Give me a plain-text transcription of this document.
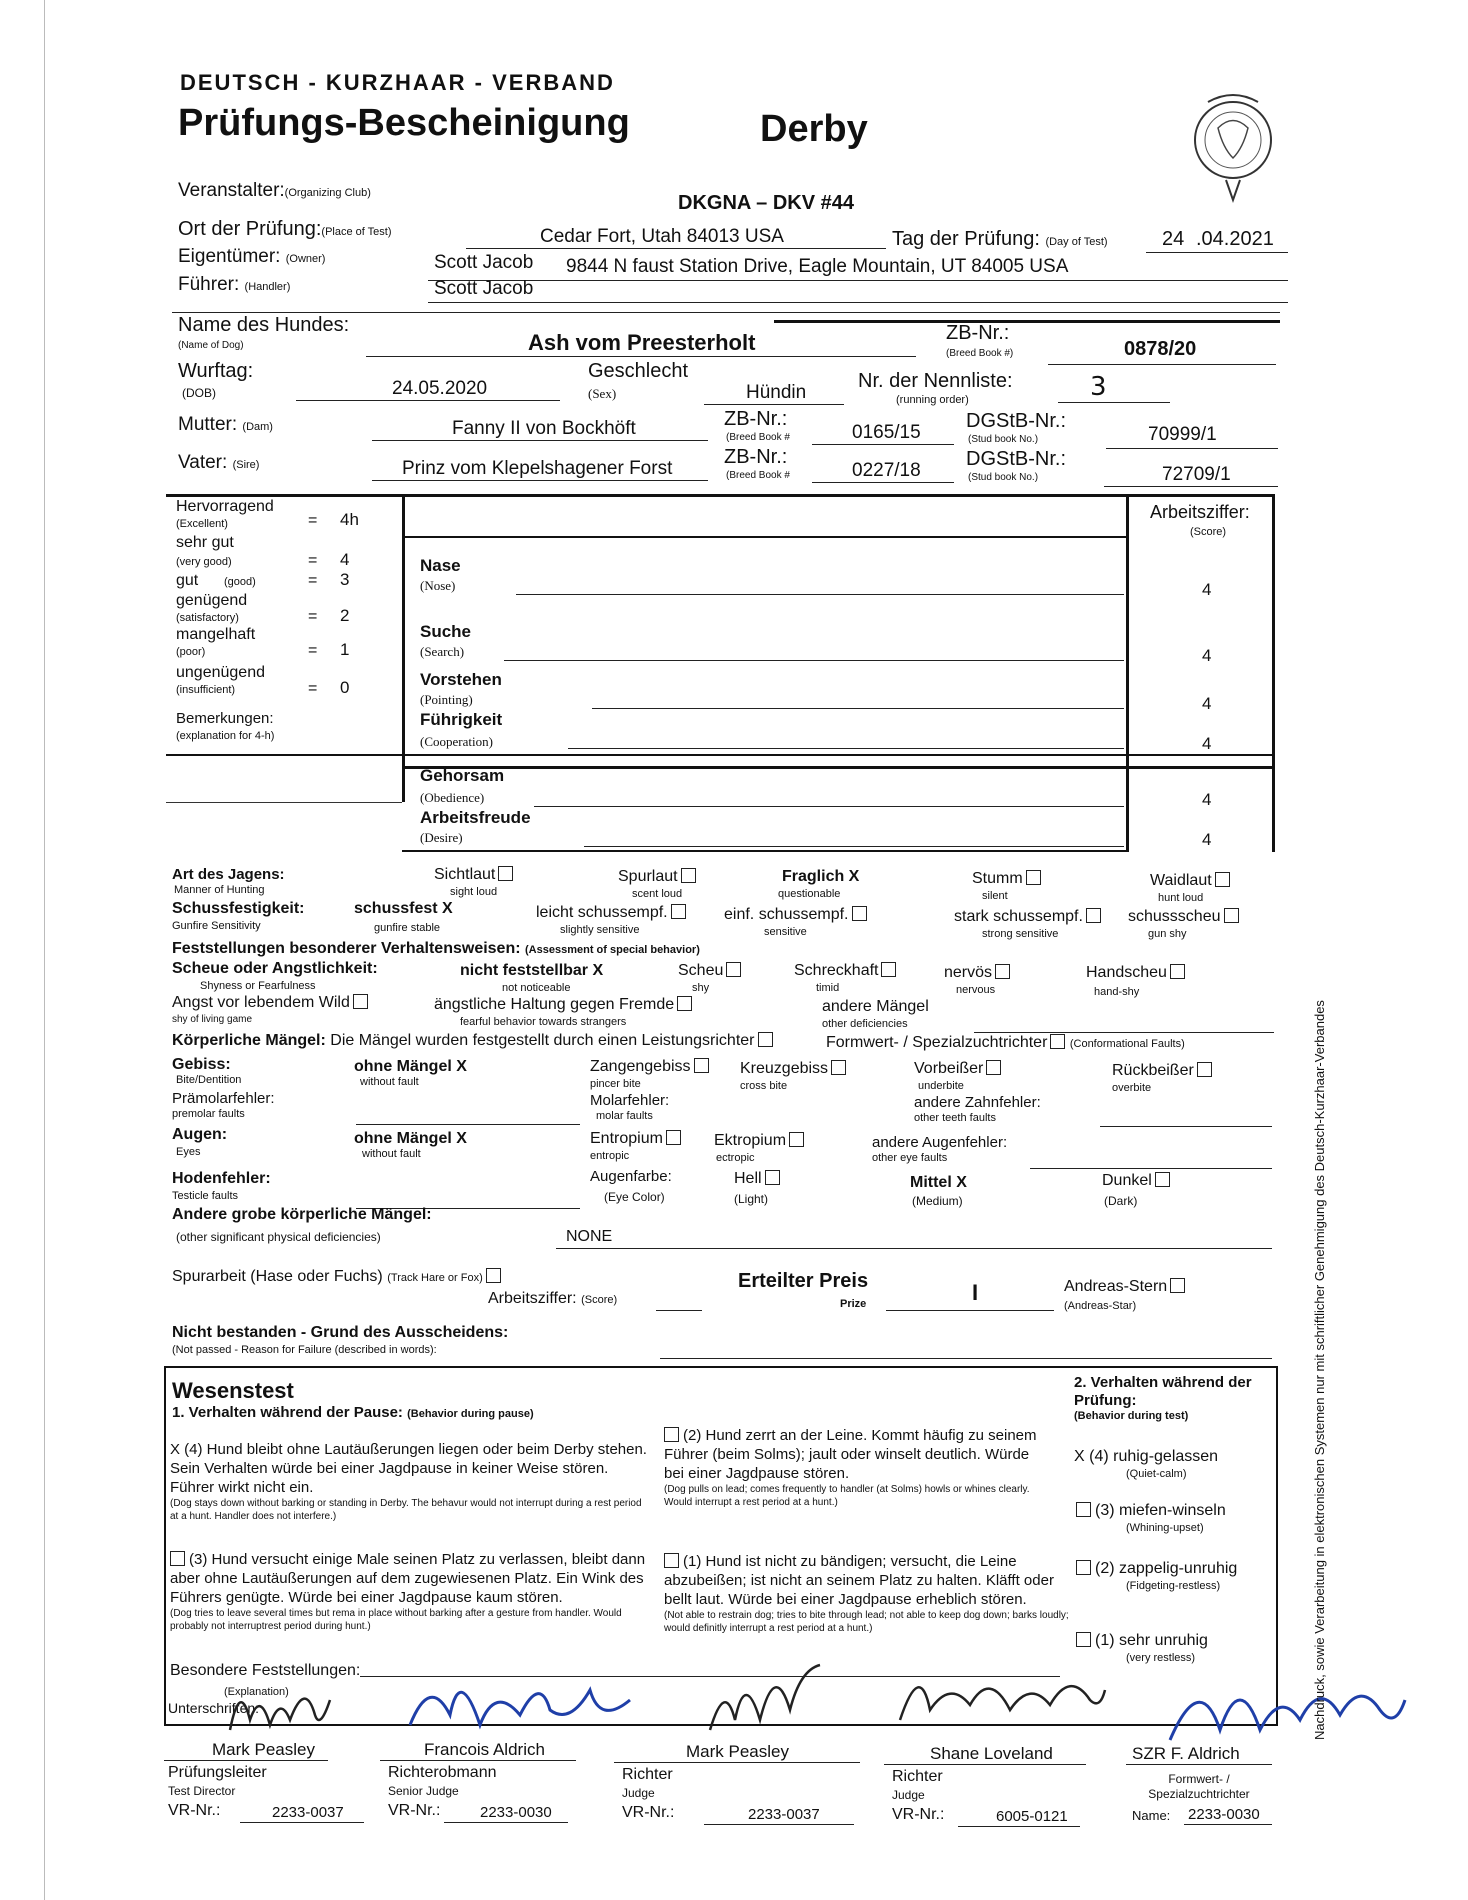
DEUTSCH - KURZHAAR - VERBAND
Prüfungs-Bescheinigung	Derby
Veranstalter:(Organizing Club)	DKGNA – DKV #44
Ort der Prüfung:(Place of Test)	Cedar Fort, Utah 84013 USA	Tag der Prüfung: (Day of Test)	24 .04.2021
Eigentümer: (Owner)	Scott Jacob 9844 N faust Station Drive, Eagle Mountain, UT 84005 USA
Führer: (Handler)	Scott Jacob
Name des Hundes:
(Name of Dog)	Ash vom Preesterholt	ZB-Nr.:
(Breed Book #)	0878/20
Wurftag:
(DOB)	24.05.2020
Geschlecht
(Sex)	Hündin
Nr. der Nennliste:
(running order)	3
Mutter: (Dam)	Fanny II von Bockhöft	ZB-Nr.:
(Breed Book #	0165/15
DGStB-Nr.:
(Stud book No.)	70999/1
Vater: (Sire)	Prinz vom Klepelshagener Forst
ZB-Nr.:
(Breed Book #	0227/18
DGStB-Nr.:
(Stud book No.)	72709/1
Hervorragend
(Excellent)	= 4h
sehr gut
(very good)	= 4
gut (good)	= 3
genügend
(satisfactory)	= 2
mangelhaft
(poor)	= 1
ungenügend
(insufficient)	= 0
Bemerkungen:
(explanation for 4-h)
Arbeitsziffer:
(Score)
Nase
(Nose)	4
Suche
(Search)	4
Vorstehen
(Pointing)	4
Führigkeit
(Cooperation)	4
Gehorsam
(Obedience)	4
Arbeitsfreude
(Desire)	4
Art des Jagens:
Manner of Hunting
Sichtlaut
sight loud
Spurlaut
scent loud
Fraglich X
questionable
Stumm
silent
Waidlaut
hunt loud
Schussfestigkeit:
Gunfire Sensitivity
schussfest X
gunfire stable
leicht schussempf.
slightly sensitive
einf. schussempf.
sensitive
stark schussempf.
strong sensitive
schussscheu
gun shy
Feststellungen besonderer Verhaltensweisen: (Assessment of special behavior)
Scheue oder Angstlichkeit:
Shyness or Fearfulness
nicht feststellbar X
not noticeable
Scheu
shy
Schreckhaft
timid
nervös
nervous
Handscheu
hand-shy
Angst vor lebendem Wild
shy of living game
ängstliche Haltung gegen Fremde
fearful behavior towards strangers
andere Mängel
other deficiencies
Körperliche Mängel: Die Mängel wurden festgestellt durch einen Leistungsrichter	Formwert- / Spezialzuchtrichter (Conformational Faults)
Gebiss:
Bite/Dentition
ohne Mängel X
without fault
Zangengebiss
pincer bite
Kreuzgebiss
cross bite
Vorbeißer
underbite
Rückbeißer
overbite
Prämolarfehler:
premolar faults
Molarfehler:
molar faults
andere Zahnfehler:
other teeth faults
Augen:
Eyes
ohne Mängel X
without fault
Entropium
entropic
Ektropium
ectropic
andere Augenfehler:
other eye faults
Hodenfehler:
Testicle faults
Augenfarbe:
(Eye Color)
Hell
(Light)
Mittel X
(Medium)
Dunkel
(Dark)
Andere grobe körperliche Mängel:
(other significant physical deficiencies)	NONE
Spurarbeit (Hase oder Fuchs) (Track Hare or Fox)
Arbeitsziffer: (Score)
Erteilter Preis
Prize	I	Andreas-Stern
(Andreas-Star)
Nicht bestanden - Grund des Ausscheidens:
(Not passed - Reason for Failure (described in words):
Wesenstest
1. Verhalten während der Pause: (Behavior during pause)
X (4) Hund bleibt ohne Lautäußerungen liegen oder beim Derby stehen. Sein Verhalten würde bei einer Jagdpause in keiner Weise stören. Führer wirkt nicht ein.
(Dog stays down without barking or standing in Derby. The behavur would not interrupt during a rest period at a hunt. Handler does not interfere.)
(2) Hund zerrt an der Leine. Kommt häufig zu seinem Führer (beim Solms); jault oder winselt deutlich. Würde bei einer Jagdpause stören.
(Dog pulls on lead; comes frequently to handler (at Solms) howls or whines clearly. Would interrupt a rest period at a hunt.)
(3) Hund versucht einige Male seinen Platz zu verlassen, bleibt dann aber ohne Lautäußerungen auf dem zugewiesenen Platz. Ein Wink des Führers genügte. Würde bei einer Jagdpause kaum stören.
(Dog tries to leave several times but rema in place without barking after a gesture from handler. Would probably not interruptrest period during hunt.)
(1) Hund ist nicht zu bändigen; versucht, die Leine abzubeißen; ist nicht an seinem Platz zu halten. Kläfft oder bellt laut. Würde bei einer Jagdpause erheblich stören.
(Not able to restrain dog; tries to bite through lead; not able to keep dog down; barks loudly; would definitly interrupt a rest period at a hunt.)
2. Verhalten während der Prüfung:
(Behavior during test)
X (4) ruhig-gelassen
(Quiet-calm)
(3) miefen-winseln
(Whining-upset)
(2) zappelig-unruhig
(Fidgeting-restless)
(1) sehr unruhig
(very restless)
Besondere Feststellungen:
(Explanation)
Unterschriften:
Mark Peasley
Prüfungsleiter
Test Director
VR-Nr.:	2233-0037
Francois Aldrich
Richterobmann
Senior Judge
VR-Nr.:	2233-0030
Mark Peasley
Richter
Judge
VR-Nr.:	2233-0037
Shane Loveland
Richter
Judge
VR-Nr.:	6005-0121
SZR F. Aldrich
Formwert- / Spezialzuchtrichter
Name: 2233-0030
Nachdruck, sowie Verarbeitung in elektronischen Systemen nur mit schriftlicher Genehmigung des Deutsch-Kurzhaar-Verbandes
